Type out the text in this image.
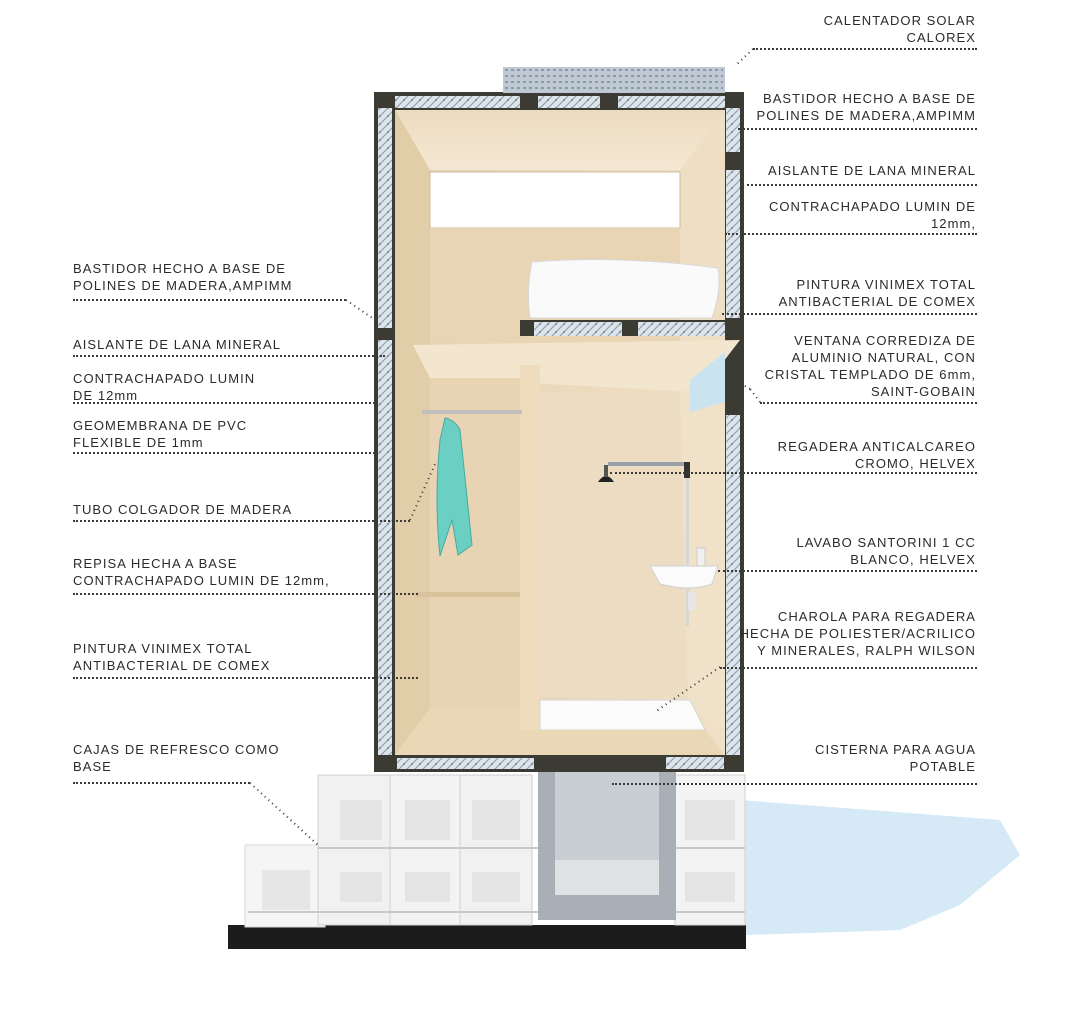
BASTIDOR HECHO A BASE DE
POLINES DE MADERA,AMPIMM
AISLANTE DE LANA MINERAL
CONTRACHAPADO LUMIN
DE 12mm
GEOMEMBRANA DE PVC
FLEXIBLE DE 1mm
TUBO COLGADOR DE MADERA
REPISA HECHA A BASE
CONTRACHAPADO LUMIN DE 12mm,
PINTURA VINIMEX TOTAL
ANTIBACTERIAL DE COMEX
CAJAS DE REFRESCO COMO
BASE
CALENTADOR SOLAR
CALOREX
BASTIDOR HECHO A BASE DE
POLINES DE MADERA,AMPIMM
AISLANTE DE LANA MINERAL
CONTRACHAPADO LUMIN DE
12mm,
PINTURA VINIMEX TOTAL
ANTIBACTERIAL DE COMEX
VENTANA CORREDIZA DE
ALUMINIO NATURAL, CON
CRISTAL TEMPLADO DE 6mm,
SAINT-GOBAIN
REGADERA ANTICALCAREO
CROMO, HELVEX
LAVABO SANTORINI 1 CC
BLANCO, HELVEX
CHAROLA PARA REGADERA
HECHA DE POLIESTER/ACRILICO
Y MINERALES, RALPH WILSON
CISTERNA PARA AGUA
POTABLE
